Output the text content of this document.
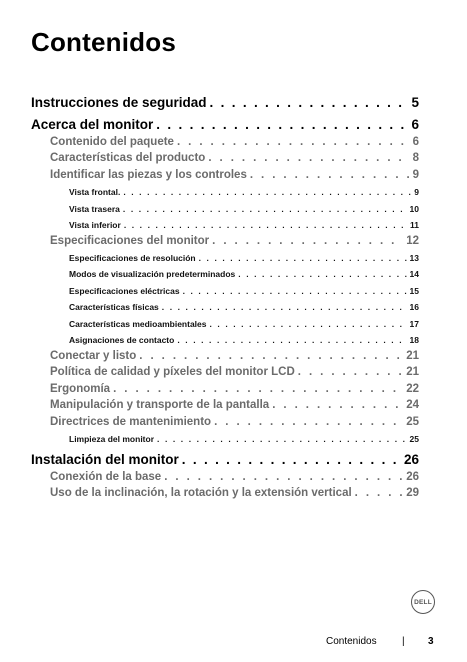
Contenidos
Instrucciones de seguridad . . .	5
Acerca del monitor . . .	6
Contenido del paquete . . .	6
Características del producto . . .	8
Identificar las piezas y los controles . . .	9
Vista frontal. . . .	9
Vista trasera . . .	10
Vista inferior . . .	11
Especificaciones del monitor . . .	12
Especificaciones de resolución . . .	13
Modos de visualización predeterminados . . .	14
Especificaciones eléctricas . . .	15
Características físicas . . .	16
Características medioambientales . . .	17
Asignaciones de contacto . . .	18
Conectar y listo . . .	21
Política de calidad y píxeles del monitor LCD . . .	21
Ergonomía . . .	22
Manipulación y transporte de la pantalla . . .	24
Directrices de mantenimiento . . .	25
Limpieza del monitor . . .	25
Instalación del monitor . . .	26
Conexión de la base . . .	26
Uso de la inclinación, la rotación y la extensión vertical . . .	29
DELL
Contenidos	| 3
